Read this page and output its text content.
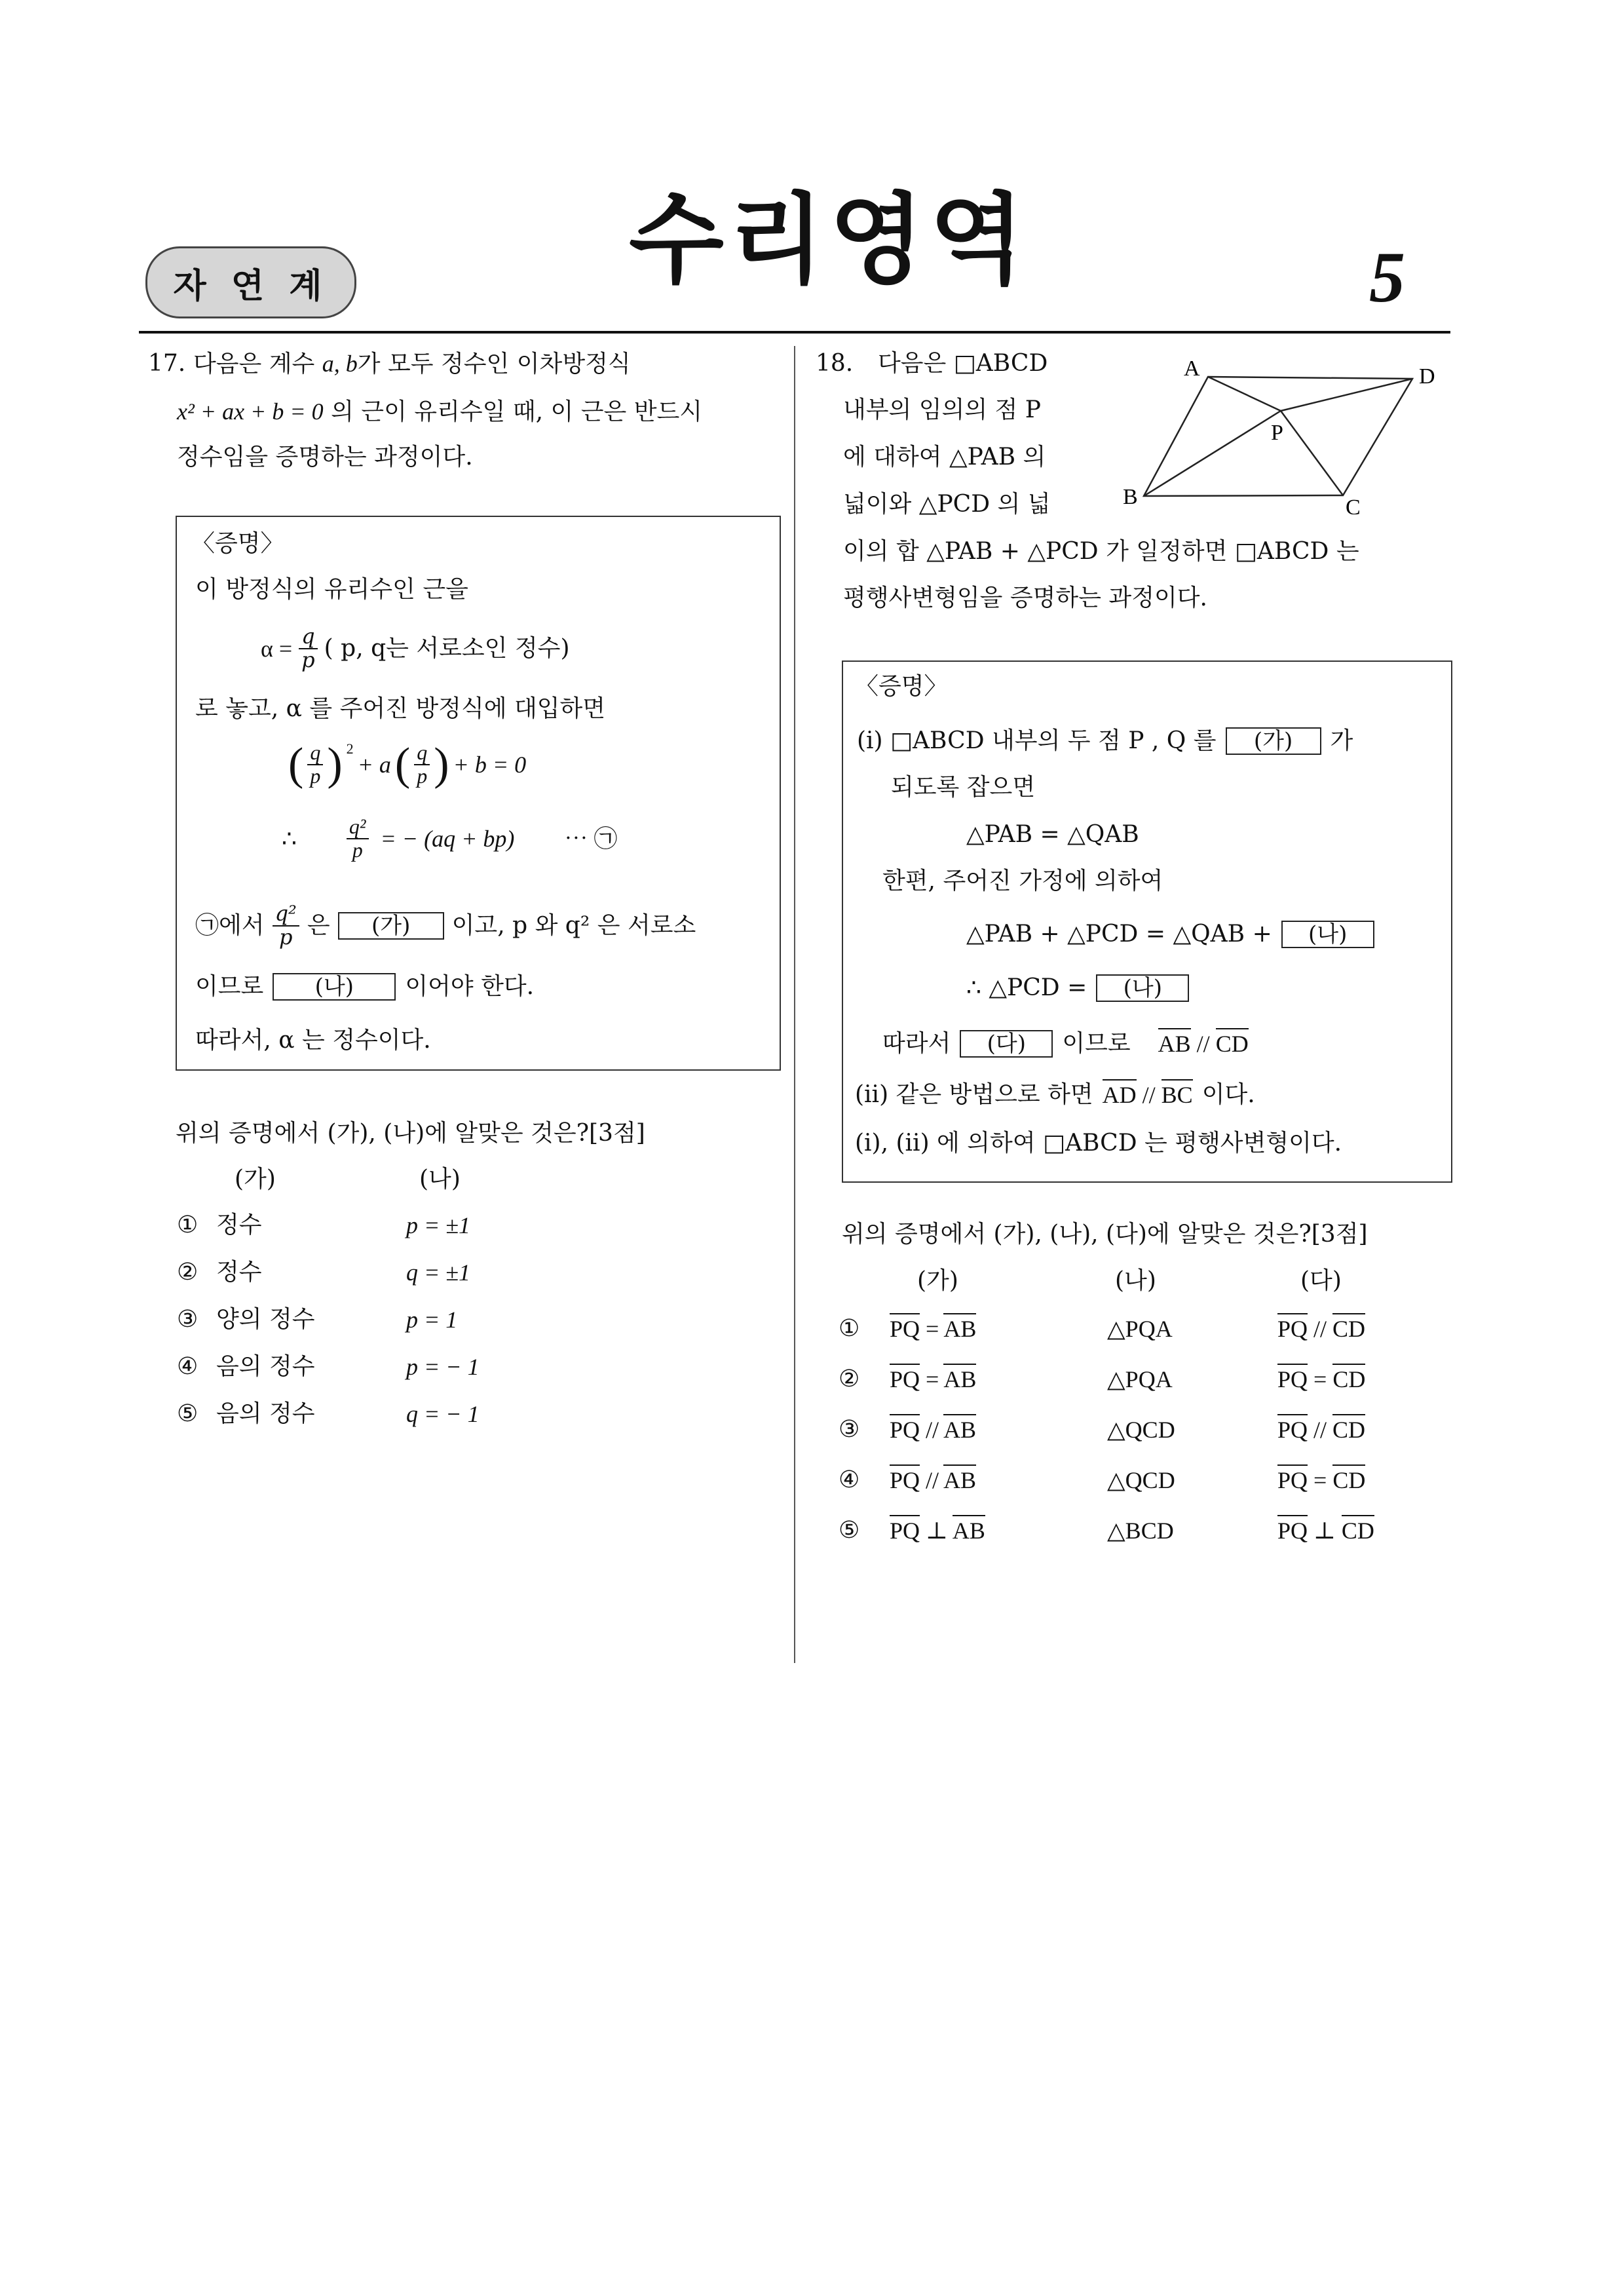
자 연 계	수리영역	5
17. 다음은 계수 a, b가 모두 정수인 이차방정식
x² + ax + b = 0 의 근이 유리수일 때, 이 근은 반드시
정수임을 증명하는 과정이다.
〈증명〉
이 방정식의 유리수인 근을
$\alpha = \frac{q}{p}$ ( p, q는 서로소인 정수)
로 놓고, α 를 주어진 방정식에 대입하면
( $\frac{q}{p}$ ) $^2$
+ a ( $\frac{q}{p}$ ) + b = 0
∴ $\frac{\text{q²}}{p}$ = − (aq + bp) ⋯ ㉠
㉠에서 $\frac{\text{q²}}{p}$ 은	(가)	이고, p 와 q² 은 서로소
이므로	(나)	이어야 한다.
따라서, α 는 정수이다.
위의 증명에서 (가), (나)에 알맞은 것은?[3점]
(가)	(나)
① 정수	p = ±1
② 정수	q = ±1
③ 양의 정수	p = 1
④ 음의 정수	p = − 1
⑤ 음의 정수	q = − 1
18. 다음은 □ABCD
내부의 임의의 점 P
에 대하여 △PAB 의
넓이와 △PCD 의 넓
이의 합 △PAB + △PCD 가 일정하면 □ABCD 는
평행사변형임을 증명하는 과정이다.
A	D
P
B	C
〈증명〉
(i) □ABCD 내부의 두 점 P , Q 를	(가)	가
되도록 잡으면
△PAB = △QAB
한편, 주어진 가정에 의하여
△PAB + △PCD = △QAB +	(나)
∴ △PCD =	(나)
따라서	(다)	이므로 AB // CD
(ii) 같은 방법으로 하면 AD // BC 이다.
(i), (ii) 에 의하여 □ABCD 는 평행사변형이다.
위의 증명에서 (가), (나), (다)에 알맞은 것은?[3점]
(가)	(나)	(다)
① PQ = AB	△PQA	PQ // CD
② PQ = AB	△PQA	PQ = CD
③ PQ // AB	△QCD	PQ // CD
④ PQ // AB	△QCD	PQ = CD
⑤ PQ ⊥ AB	△BCD	PQ ⊥ CD
